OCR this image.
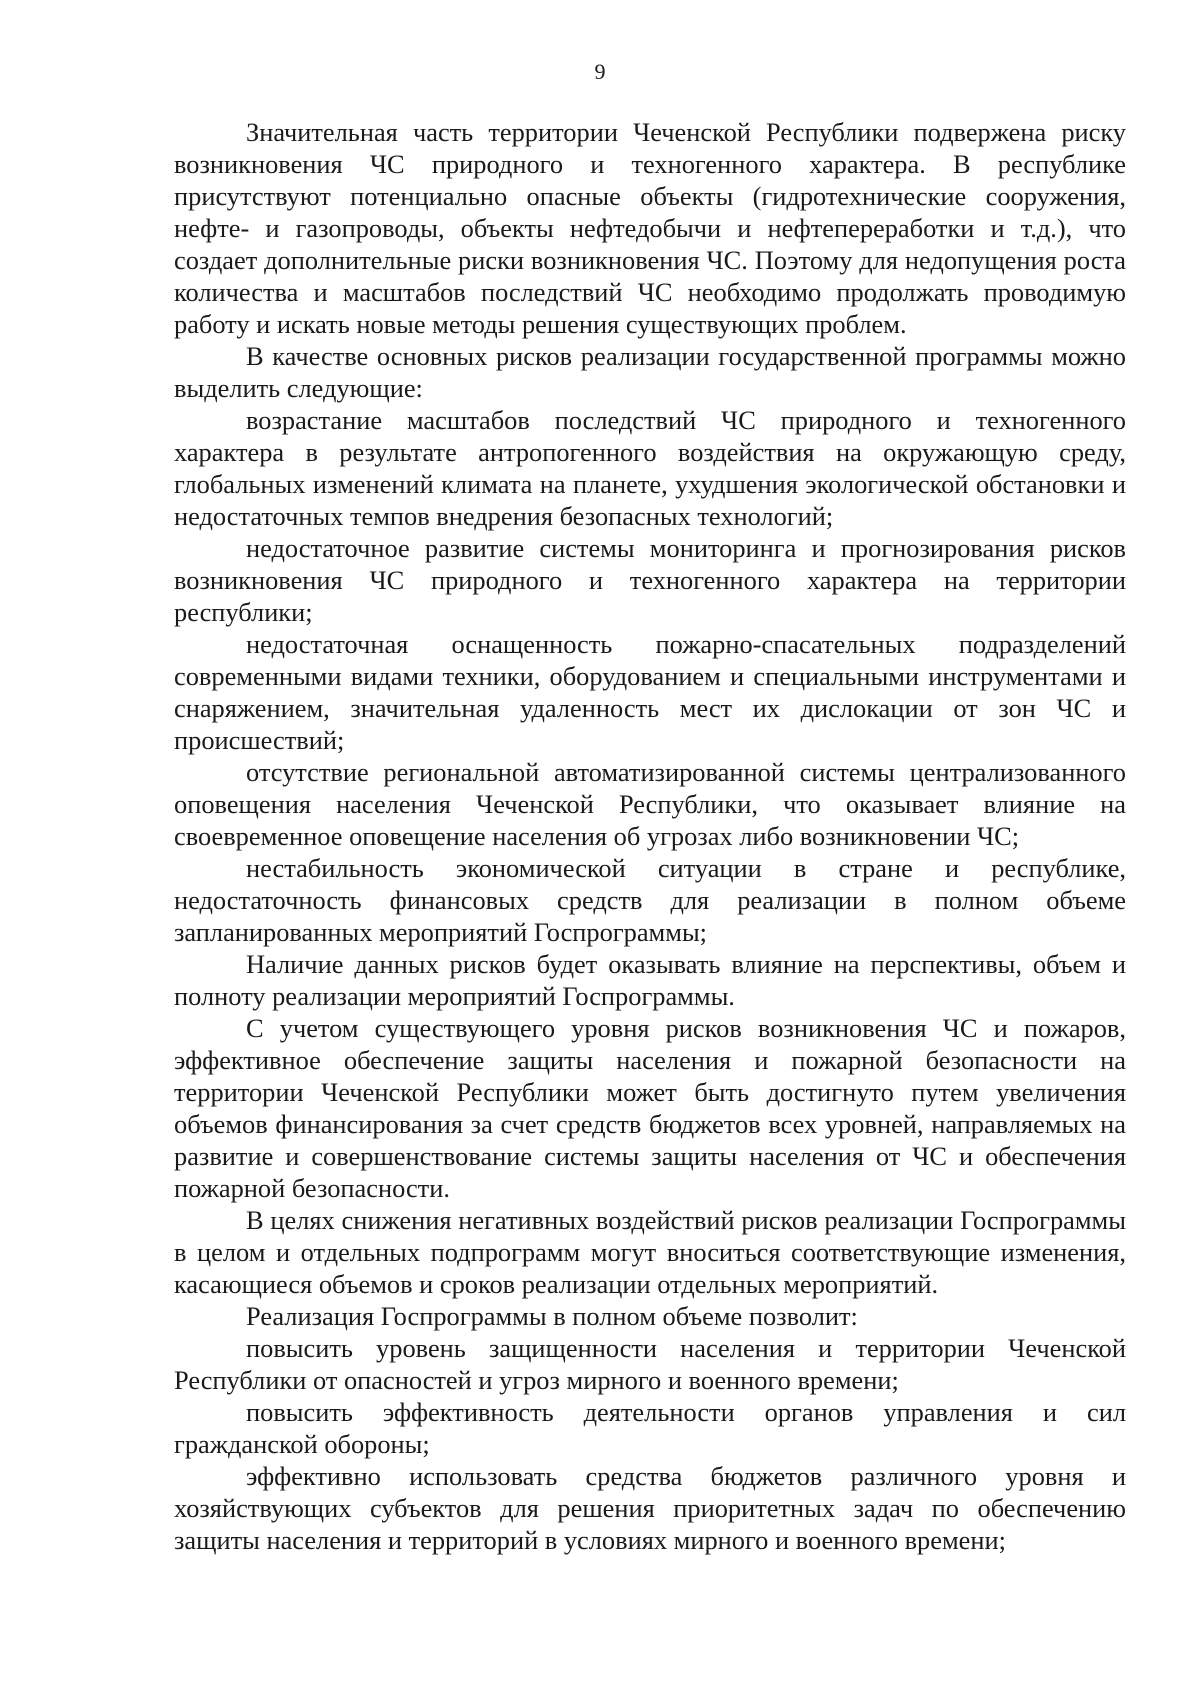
9

Значительная часть территории Чеченской Республики подвержена риску возникновения ЧС природного и техногенного характера. В республике присутствуют потенциально опасные объекты (гидротехнические сооружения, нефте- и газопроводы, объекты нефтедобычи и нефтепереработки и т.д.), что создает дополнительные риски возникновения ЧС. Поэтому для недопущения роста количества и масштабов последствий ЧС необходимо продолжать проводимую работу и искать новые методы решения существующих проблем.

В качестве основных рисков реализации государственной программы можно выделить следующие:

возрастание масштабов последствий ЧС природного и техногенного характера в результате антропогенного воздействия на окружающую среду, глобальных изменений климата на планете, ухудшения экологической обстановки и недостаточных темпов внедрения безопасных технологий;

недостаточное развитие системы мониторинга и прогнозирования рисков возникновения ЧС природного и техногенного характера на территории республики;

недостаточная оснащенность пожарно-спасательных подразделений современными видами техники, оборудованием и специальными инструментами и снаряжением, значительная удаленность мест их дислокации от зон ЧС и происшествий;

отсутствие региональной автоматизированной системы централизованного оповещения населения Чеченской Республики, что оказывает влияние на своевременное оповещение населения об угрозах либо возникновении ЧС;

нестабильность экономической ситуации в стране и республике, недостаточность финансовых средств для реализации в полном объеме запланированных мероприятий Госпрограммы;

Наличие данных рисков будет оказывать влияние на перспективы, объем и полноту реализации мероприятий Госпрограммы.

С учетом существующего уровня рисков возникновения ЧС и пожаров, эффективное обеспечение защиты населения и пожарной безопасности на территории Чеченской Республики может быть достигнуто путем увеличения объемов финансирования за счет средств бюджетов всех уровней, направляемых на развитие и совершенствование системы защиты населения от ЧС и обеспечения пожарной безопасности.

В целях снижения негативных воздействий рисков реализации Госпрограммы в целом и отдельных подпрограмм могут вноситься соответствующие изменения, касающиеся объемов и сроков реализации отдельных мероприятий.

Реализация Госпрограммы в полном объеме позволит:

повысить уровень защищенности населения и территории Чеченской Республики от опасностей и угроз мирного и военного времени;

повысить эффективность деятельности органов управления и сил гражданской обороны;

эффективно использовать средства бюджетов различного уровня и хозяйствующих субъектов для решения приоритетных задач по обеспечению защиты населения и территорий в условиях мирного и военного времени;
